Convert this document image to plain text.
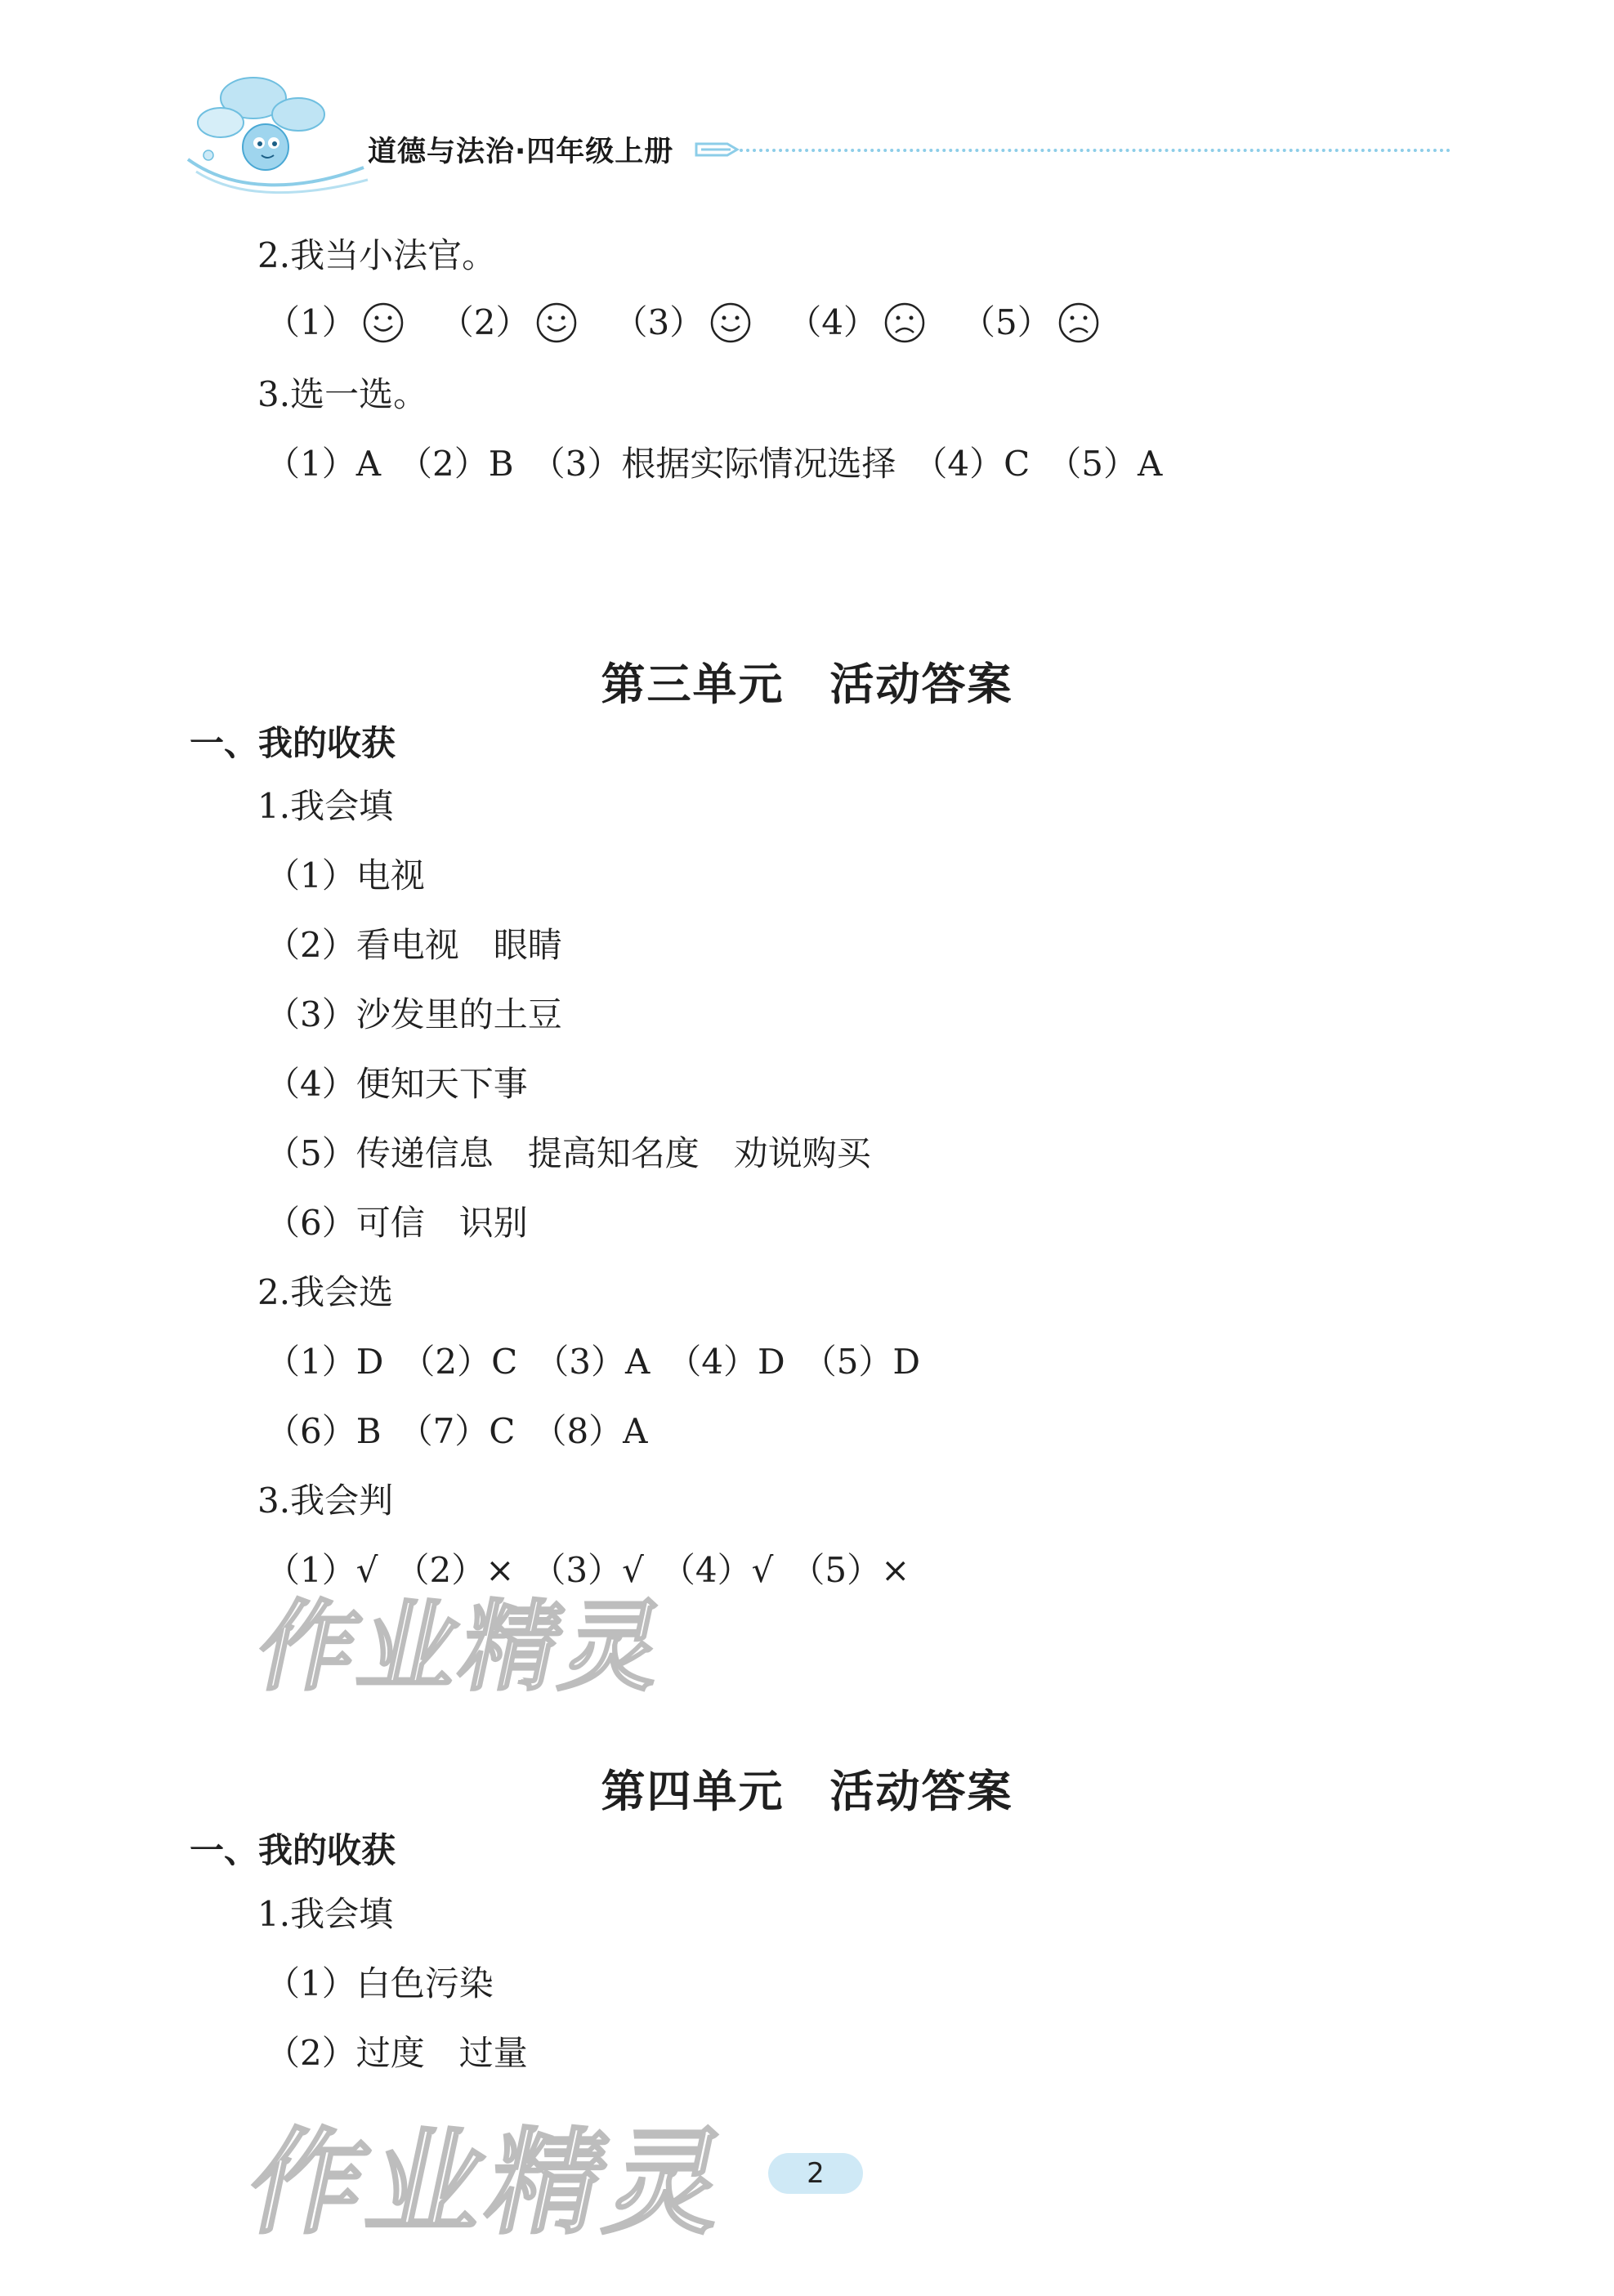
道德与法治·四年级上册
2.我当小法官。
（1） （2） （3） （4） （5）
3.选一选。
（1）A　（2）B　（3）根据实际情况选择　（4）C　（5）A
第三单元　活动答案
一、我的收获
1.我会填
（1）电视
（2）看电视　眼睛
（3）沙发里的土豆
（4）便知天下事
（5）传递信息　提高知名度　劝说购买
（6）可信　识别
2.我会选
（1）D　（2）C　（3）A　（4）D　（5）D
（6）B　（7）C　（8）A
3.我会判
（1）√　（2）×　（3）√　（4）√　（5）×
作业精灵
第四单元　活动答案
一、我的收获
1.我会填
（1）白色污染
（2）过度　过量
作业精灵	2
